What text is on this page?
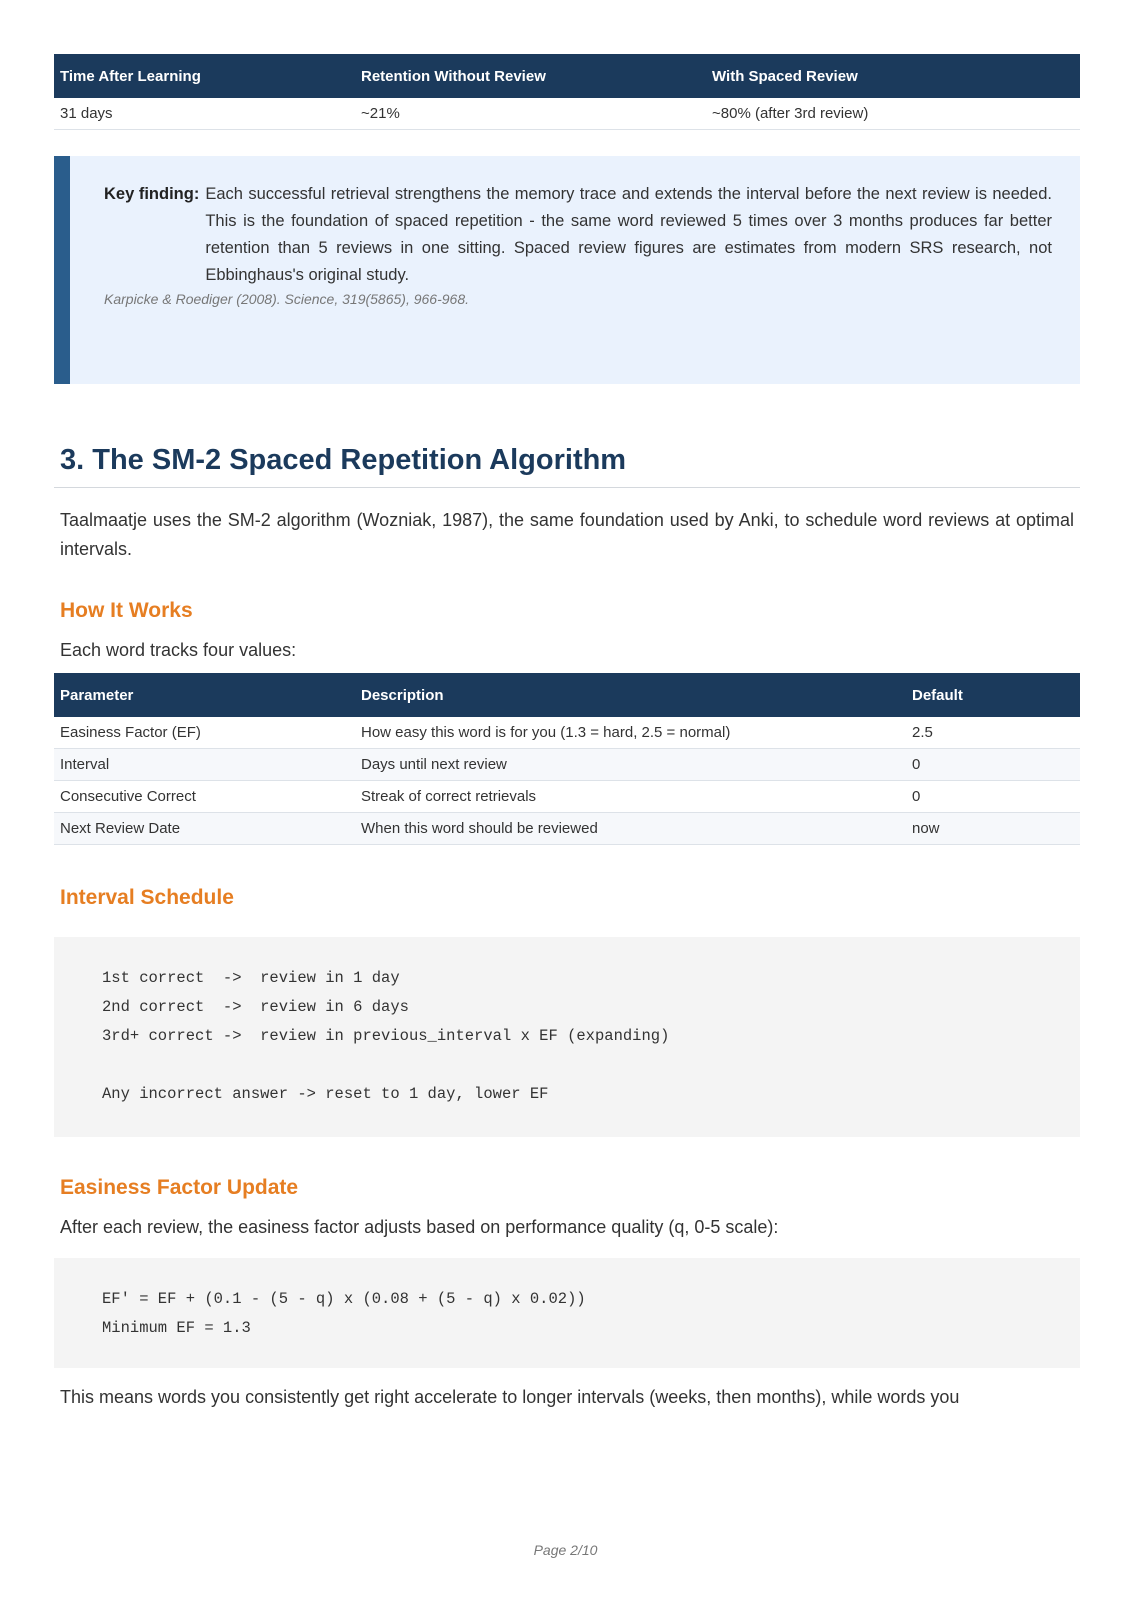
Time After Learning	Retention Without Review	With Spaced Review
31 days	~21%	~80% (after 3rd review)
Key finding: Each successful retrieval strengthens the memory trace and extends the interval before the next review is needed. This is the foundation of spaced repetition - the same word reviewed 5 times over 3 months produces far better retention than 5 reviews in one sitting. Spaced review figures are estimates from modern SRS research, not Ebbinghaus's original study.
Karpicke & Roediger (2008). Science, 319(5865), 966-968.
3. The SM-2 Spaced Repetition Algorithm

Taalmaatje uses the SM-2 algorithm (Wozniak, 1987), the same foundation used by Anki, to schedule word reviews at optimal intervals.

How It Works

Each word tracks four values:

Parameter	Description	Default
Easiness Factor (EF)	How easy this word is for you (1.3 = hard, 2.5 = normal)	2.5
Interval	Days until next review	0
Consecutive Correct	Streak of correct retrievals	0
Next Review Date	When this word should be reviewed	now
Interval Schedule
1st correct  ->  review in 1 day
2nd correct  ->  review in 6 days
3rd+ correct ->  review in previous_interval x EF (expanding)
Any incorrect answer -> reset to 1 day, lower EF
Easiness Factor Update

After each review, the easiness factor adjusts based on performance quality (q, 0-5 scale):

EF' = EF + (0.1 - (5 - q) x (0.08 + (5 - q) x 0.02))
Minimum EF = 1.3

This means words you consistently get right accelerate to longer intervals (weeks, then months), while words you

Page 2/10
